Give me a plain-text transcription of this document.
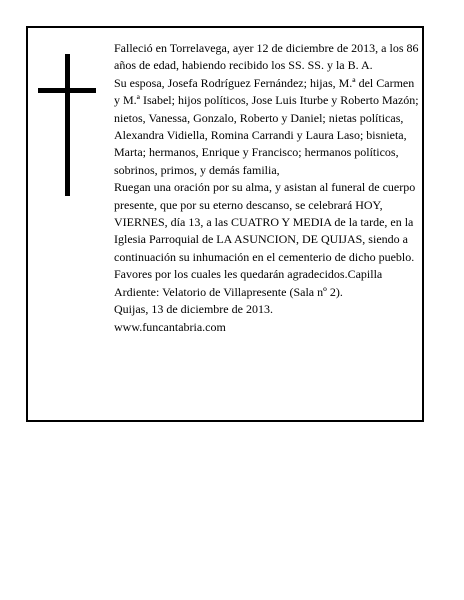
Falleció en Torrelavega, ayer 12 de diciembre de 2013, a los 86 años de edad, habiendo recibido los SS. SS. y la B. A.

Su esposa, Josefa Rodríguez Fernández; hijas, M.ª del Carmen y M.ª Isabel; hijos políticos, Jose Luis Iturbe y Roberto Mazón; nietos, Vanessa, Gonzalo, Roberto y Daniel; nietas políticas, Alexandra Vidiella, Romina Carrandi y Laura Laso; bisnieta, Marta; hermanos, Enrique y Francisco; hermanos políticos, sobrinos, primos, y demás familia,

Ruegan una oración por su alma, y asistan al funeral de cuerpo presente, que por su eterno descanso, se celebrará HOY, VIERNES, día 13, a las CUATRO Y MEDIA de la tarde, en la Iglesia Parroquial de LA ASUNCION, DE QUIJAS, siendo a continuación su inhumación en el cementerio de dicho pueblo. Favores por los cuales les quedarán agradecidos.Capilla Ardiente: Velatorio de Villapresente (Sala nº 2).

Quijas, 13 de diciembre de 2013.

www.funcantabria.com
